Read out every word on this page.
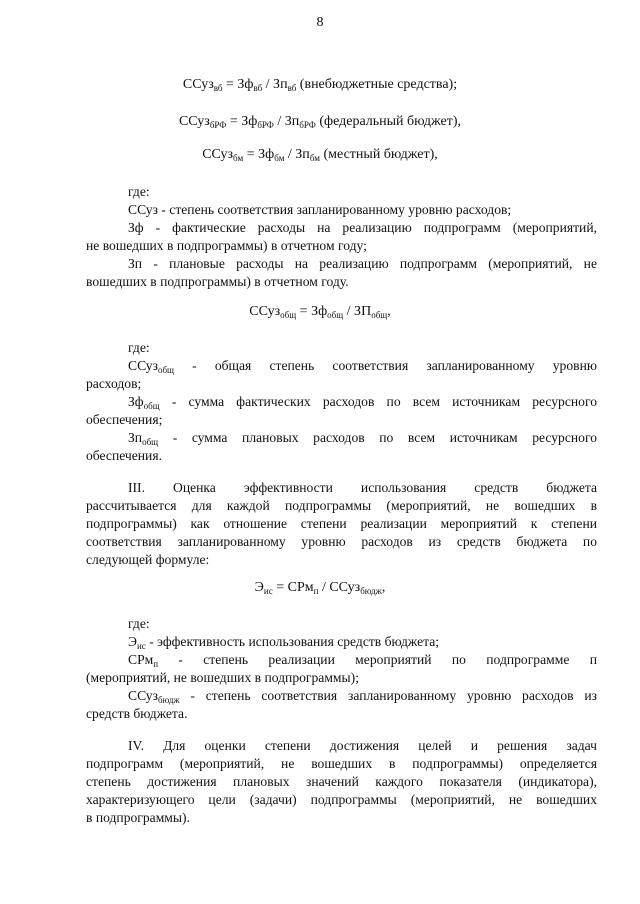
8
ССуз$_{вб}$ = $Зф_{вб} / Зп_{вб}$ (внебюджетные средства);
ССуз$_{бРФ}$ = $Зф_{бРФ} / Зп_{бРФ}$ (федеральный бюджет),
ССуз$_{бм}$ = $Зф_{бм} / Зп_{бм}$ (местный бюджет),
где:
ССуз - степень соответствия запланированному уровню расходов;
Зф - фактические расходы на реализацию подпрограмм (мероприятий,
не вошедших в подпрограммы) в отчетном году;
Зп - плановые расходы на реализацию подпрограмм (мероприятий, не
вошедших в подпрограммы) в отчетном году.
ССуз$_{общ}$ = $Зф_{общ} / ЗП_{общ}$,
где:
ССуз$_{общ}$ - общая степень соответствия запланированному уровню
расходов;
$Зф_{общ}$ - сумма фактических расходов по всем источникам ресурсного
обеспечения;
$Зп_{общ}$ - сумма плановых расходов по всем источникам ресурсного
обеспечения.
III. Оценка эффективности использования средств бюджета
рассчитывается для каждой подпрограммы (мероприятий, не вошедших в
подпрограммы) как отношение степени реализации мероприятий к степени
соответствия запланированному уровню расходов из средств бюджета по
следующей формуле:
$Э_{ис} = СРм_п$ / ССуз$_{бюдж}$,
где:
$Э_{ис}$ - эффективность использования средств бюджета;
СРм$_п$ - степень реализации мероприятий по подпрограмме п
(мероприятий, не вошедших в подпрограммы);
ССуз$_{бюдж}$ - степень соответствия запланированному уровню расходов из
средств бюджета.
IV. Для оценки степени достижения целей и решения задач
подпрограмм (мероприятий, не вошедших в подпрограммы) определяется
степень достижения плановых значений каждого показателя (индикатора),
характеризующего цели (задачи) подпрограммы (мероприятий, не вошедших
в подпрограммы).
